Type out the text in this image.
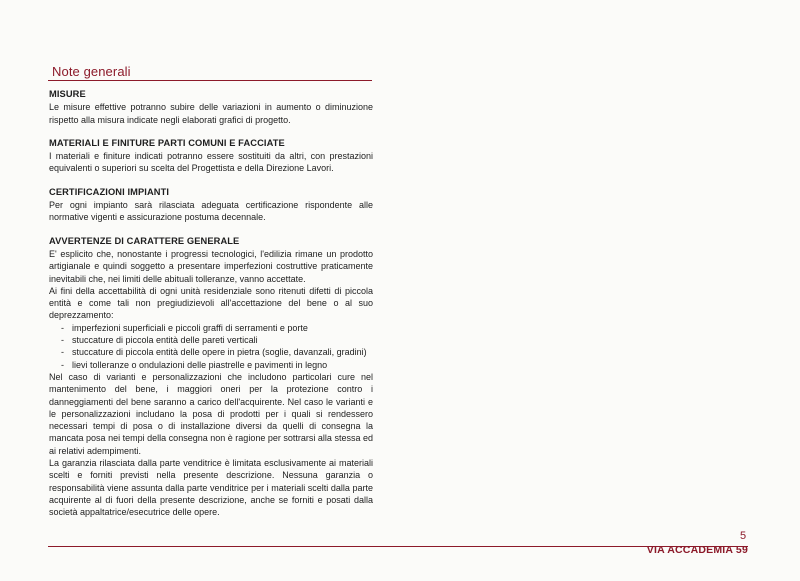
Note generali
MISURE

Le misure effettive potranno subire delle variazioni in aumento o diminuzione rispetto alla misura indicate negli elaborati grafici di progetto.

MATERIALI E FINITURE PARTI COMUNI E FACCIATE

I materiali e finiture indicati potranno essere sostituiti da altri, con prestazioni equivalenti o superiori su scelta del Progettista e della Direzione Lavori.

CERTIFICAZIONI IMPIANTI

Per ogni impianto sarà rilasciata adeguata certificazione rispondente alle normative vigenti e assicurazione postuma decennale.

AVVERTENZE DI CARATTERE GENERALE

E' esplicito che, nonostante i progressi tecnologici, l'edilizia rimane un prodotto artigianale e quindi soggetto a presentare imperfezioni costruttive praticamente inevitabili che, nei limiti delle abituali tolleranze, vanno accettate.

Ai fini della accettabilità di ogni unità residenziale sono ritenuti difetti di piccola entità e come tali non pregiudizievoli all'accettazione del bene o al suo deprezzamento:

- imperfezioni superficiali e piccoli graffi di serramenti e porte
- stuccature di piccola entità delle pareti verticali
- stuccature di piccola entità delle opere in pietra (soglie, davanzali, gradini)
- lievi tolleranze o ondulazioni delle piastrelle e pavimenti in legno

Nel caso di varianti e personalizzazioni che includono particolari cure nel mantenimento del bene, i maggiori oneri per la protezione contro i danneggiamenti del bene saranno a carico dell'acquirente. Nel caso le varianti e le personalizzazioni includano la posa di prodotti per i quali si rendessero necessari tempi di posa o di installazione diversi da quelli di consegna la mancata posa nei tempi della consegna non è ragione per sottrarsi alla stessa ed ai relativi adempimenti.

La garanzia rilasciata dalla parte venditrice è limitata esclusivamente ai materiali scelti e forniti previsti nella presente descrizione. Nessuna garanzia o responsabilità viene assunta dalla parte venditrice per i materiali scelti dalla parte acquirente al di fuori della presente descrizione, anche se forniti e posati dalla società appaltatrice/esecutrice delle opere.

5
VIA ACCADEMIA 59
